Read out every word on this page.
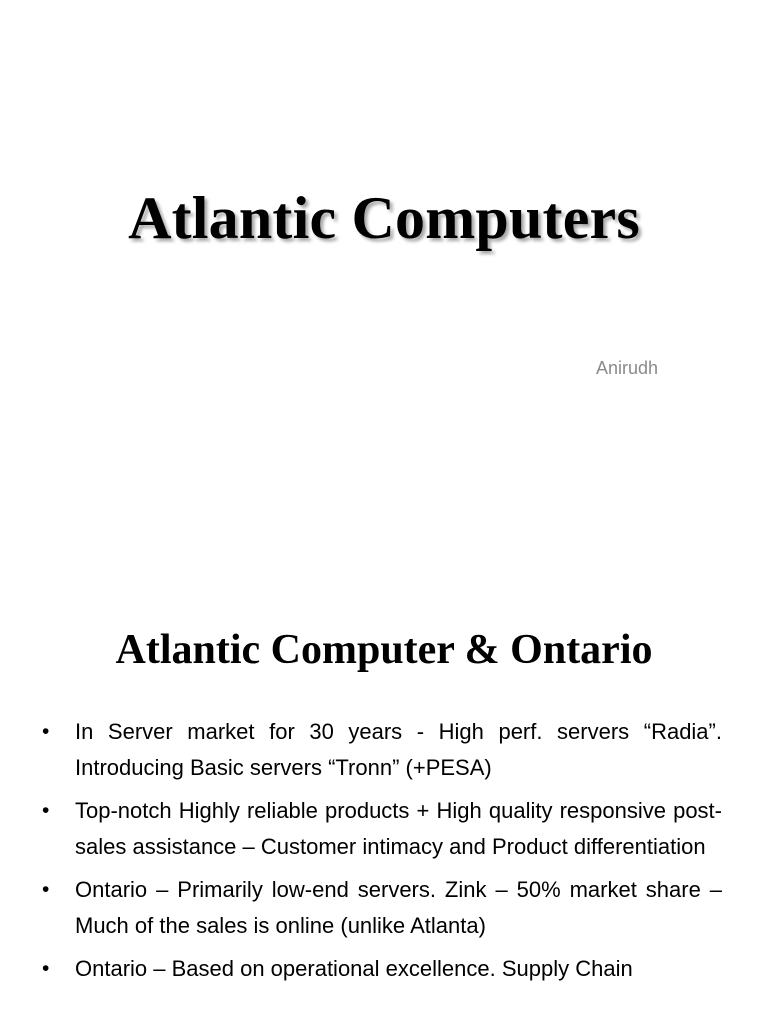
Atlantic Computers
Anirudh
Atlantic Computer & Ontario
• In Server market for 30 years - High perf. servers “Radia”. Introducing Basic servers “Tronn” (+PESA)
• Top-notch Highly reliable products + High quality responsive post-sales assistance – Customer intimacy and Product differentiation
• Ontario – Primarily low-end servers. Zink – 50% market share – Much of the sales is online (unlike Atlanta)
• Ontario – Based on operational excellence. Supply Chain
